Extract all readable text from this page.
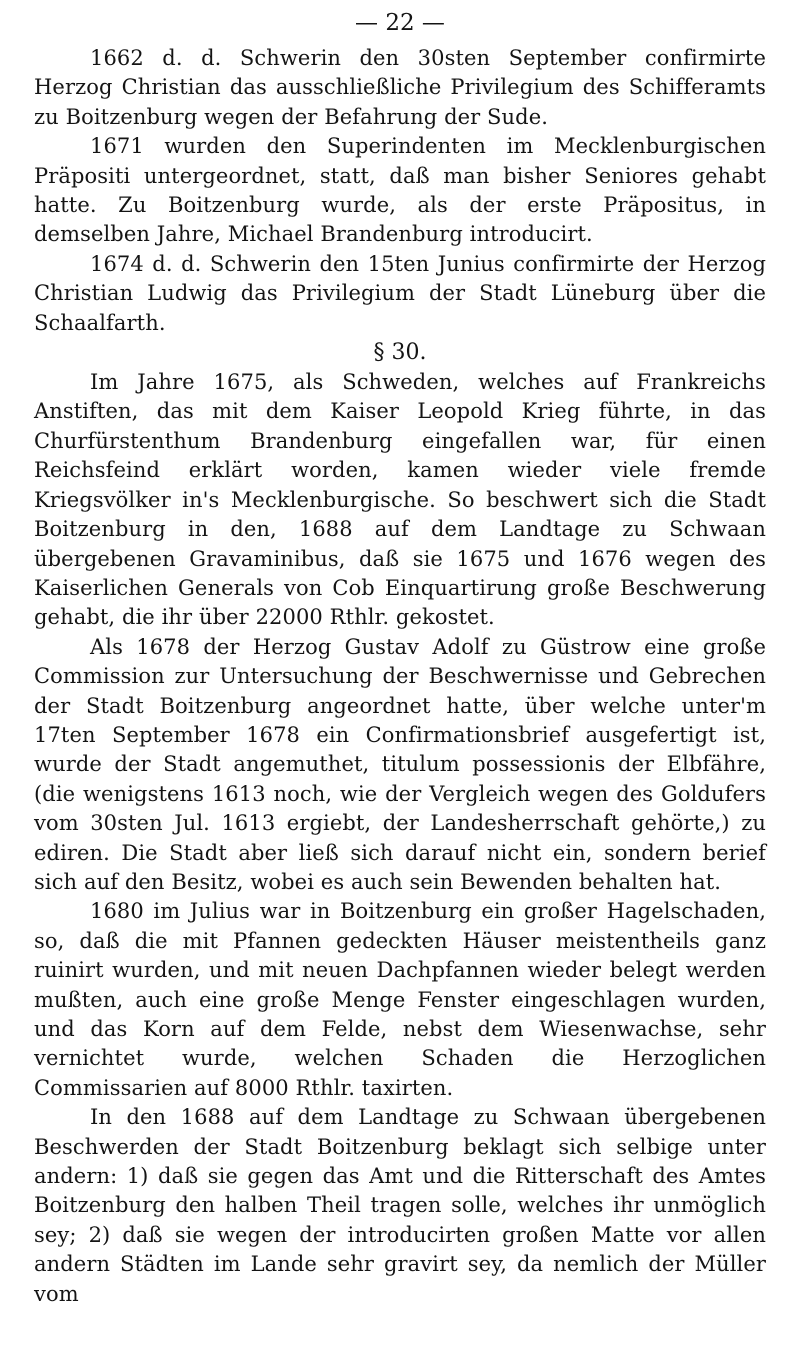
— 22 —

1662 d. d. Schwerin den 30sten September confirmirte Herzog Christian das ausschließliche Privilegium des Schifferamts zu Boitzenburg wegen der Befahrung der Sude.

1671 wurden den Superindenten im Mecklenburgischen Präpositi untergeordnet, statt, daß man bisher Seniores gehabt hatte. Zu Boitzenburg wurde, als der erste Präpositus, in demselben Jahre, Michael Brandenburg introducirt.

1674 d. d. Schwerin den 15ten Junius confirmirte der Herzog Christian Ludwig das Privilegium der Stadt Lüneburg über die Schaalfarth.

§ 30.

Im Jahre 1675, als Schweden, welches auf Frankreichs Anstiften, das mit dem Kaiser Leopold Krieg führte, in das Churfürstenthum Brandenburg eingefallen war, für einen Reichsfeind erklärt worden, kamen wieder viele fremde Kriegsvölker in's Mecklenburgische. So beschwert sich die Stadt Boitzenburg in den, 1688 auf dem Landtage zu Schwaan übergebenen Gravaminibus, daß sie 1675 und 1676 wegen des Kaiserlichen Generals von Cob Einquartirung große Beschwerung gehabt, die ihr über 22000 Rthlr. gekostet.

Als 1678 der Herzog Gustav Adolf zu Güstrow eine große Commission zur Untersuchung der Beschwernisse und Gebrechen der Stadt Boitzenburg angeordnet hatte, über welche unter'm 17ten September 1678 ein Confirmationsbrief ausgefertigt ist, wurde der Stadt angemuthet, titulum possessionis der Elbfähre, (die wenigstens 1613 noch, wie der Vergleich wegen des Goldufers vom 30sten Jul. 1613 ergiebt, der Landesherrschaft gehörte,) zu ediren. Die Stadt aber ließ sich darauf nicht ein, sondern berief sich auf den Besitz, wobei es auch sein Bewenden behalten hat.

1680 im Julius war in Boitzenburg ein großer Hagelschaden, so, daß die mit Pfannen gedeckten Häuser meistentheils ganz ruinirt wurden, und mit neuen Dachpfannen wieder belegt werden mußten, auch eine große Menge Fenster eingeschlagen wurden, und das Korn auf dem Felde, nebst dem Wiesenwachse, sehr vernichtet wurde, welchen Schaden die Herzoglichen Commissarien auf 8000 Rthlr. taxirten.

In den 1688 auf dem Landtage zu Schwaan übergebenen Beschwerden der Stadt Boitzenburg beklagt sich selbige unter andern: 1) daß sie gegen das Amt und die Ritterschaft des Amtes Boitzenburg den halben Theil tragen solle, welches ihr unmöglich sey; 2) daß sie wegen der introducirten großen Matte vor allen andern Städten im Lande sehr gravirt sey, da nemlich der Müller vom
